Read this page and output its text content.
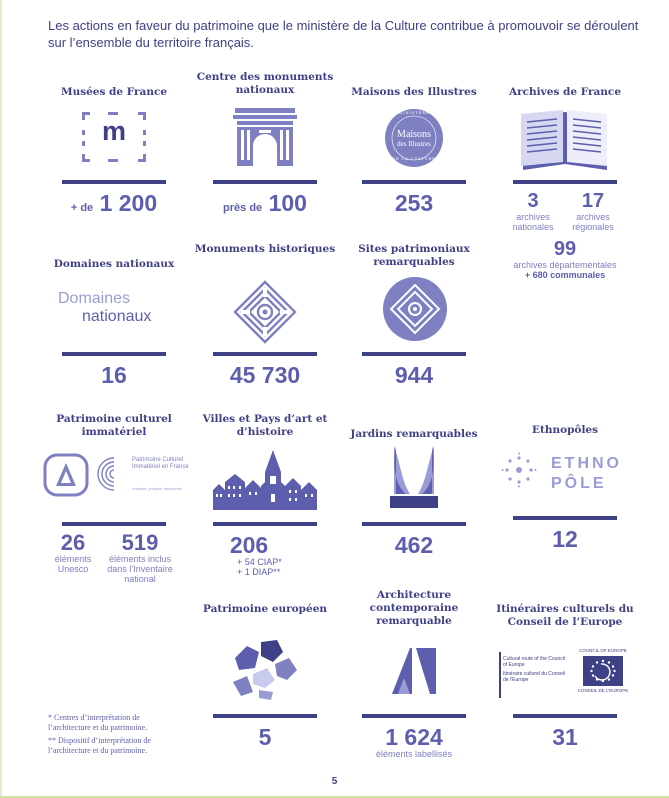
Les actions en faveur du patrimoine que le ministère de la Culture contribue à promouvoir se déroulent sur l’ensemble du territoire français.
Musées de France
m
+ de 1 200
Centre des monuments nationaux
près de 100
Maisons des Illustres
MINISTÈRE
Maisons
des Illustres
DE LA CULTURE
253
Archives de France
3
archives nationales
17
archives régionales
99
archives départementales
+ 680 communales
Domaines nationaux
Domaines
nationaux
16
Monuments historiques
45 730
Sites patrimoniaux remarquables
944
Patrimoine culturel immatériel
Patrimoine Culturel Immatériel en France
connaître, pratiquer, transmettre
26
éléments Unesco
519
éléments inclus dans l’Inventaire national
Villes et Pays d’art et d’histoire
206
+ 54 CIAP*
+ 1 DIAP**
Jardins remarquables
462
Ethnopôles
ETHNO
PÔLE
12
Patrimoine européen
5
Architecture contemporaine remarquable
1 624
éléments labellisés
Itinéraires culturels du Conseil de l’Europe
Cultural route of the Council of Europe
Itinéraire culturel du Conseil de l’Europe
COUNCIL OF EUROPE
CONSEIL DE L’EUROPE
31
* Centres d’interprétation de l’architecture et du patrimoine.
** Dispositif d’interprétation de l’architecture et du patrimoine.
5
